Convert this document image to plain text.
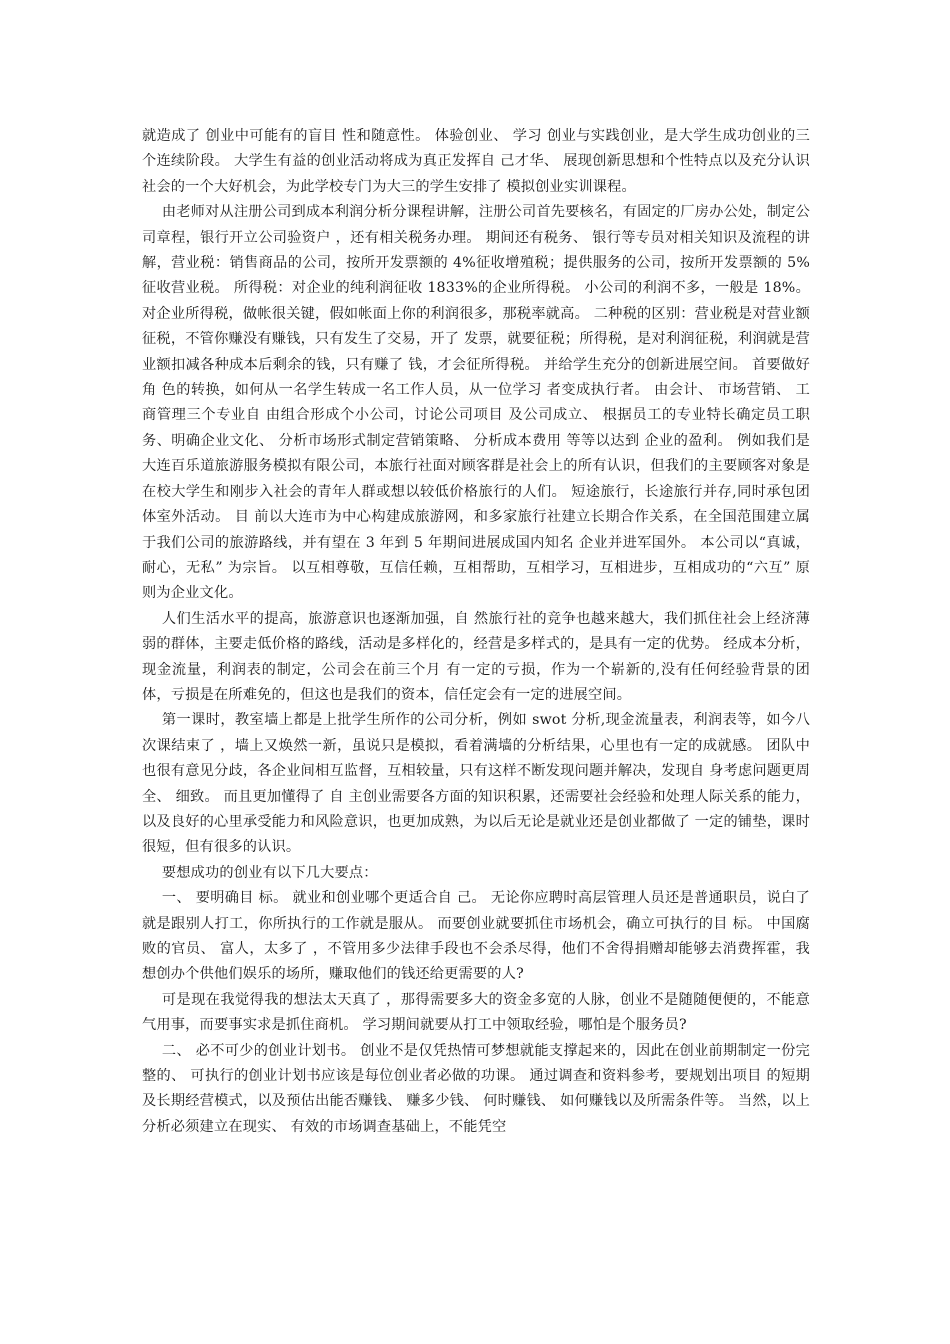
就造成了 创业中可能有的盲目 性和随意性。 体验创业、 学习 创业与实践创业，是大学生成功创业的三个连续阶段。 大学生有益的创业活动将成为真正发挥自 己才华、 展现创新思想和个性特点以及充分认识社会的一个大好机会，为此学校专门为大三的学生安排了 模拟创业实训课程。

由老师对从注册公司到成本利润分析分课程讲解，注册公司首先要核名，有固定的厂房办公处，制定公司章程，银行开立公司验资户 ，还有相关税务办理。 期间还有税务、 银行等专员对相关知识及流程的讲解，营业税：销售商品的公司，按所开发票额的 4%征收增殖税；提供服务的公司，按所开发票额的 5%征收营业税。 所得税：对企业的纯利润征收 1833%的企业所得税。 小公司的利润不多，一般是 18%。 对企业所得税，做帐很关键，假如帐面上你的利润很多，那税率就高。 二种税的区别：营业税是对营业额征税，不管你赚没有赚钱，只有发生了交易，开了 发票，就要征税；所得税，是对利润征税，利润就是营业额扣减各种成本后剩余的钱，只有赚了 钱，才会征所得税。 并给学生充分的创新进展空间。 首要做好角 色的转换，如何从一名学生转成一名工作人员，从一位学习 者变成执行者。 由会计、 市场营销、 工商管理三个专业自 由组合形成个小公司，讨论公司项目 及公司成立、 根据员工的专业特长确定员工职务、明确企业文化、 分析市场形式制定营销策略、 分析成本费用 等等以达到 企业的盈利。 例如我们是大连百乐道旅游服务模拟有限公司，本旅行社面对顾客群是社会上的所有认识，但我们的主要顾客对象是在校大学生和刚步入社会的青年人群或想以较低价格旅行的人们。 短途旅行，长途旅行并存,同时承包团体室外活动。 目 前以大连市为中心构建成旅游网，和多家旅行社建立长期合作关系，在全国范围建立属于我们公司的旅游路线，并有望在 3 年到 5 年期间进展成国内知名 企业并进军国外。 本公司以“真诚，耐心，无私” 为宗旨。 以互相尊敬，互信任赖，互相帮助，互相学习，互相进步，互相成功的“六互” 原则为企业文化。

人们生活水平的提高，旅游意识也逐渐加强，自 然旅行社的竞争也越来越大，我们抓住社会上经济薄弱的群体，主要走低价格的路线，活动是多样化的，经营是多样式的，是具有一定的优势。 经成本分析，现金流量，利润表的制定，公司会在前三个月 有一定的亏损，作为一个崭新的,没有任何经验背景的团体，亏损是在所难免的，但这也是我们的资本，信任定会有一定的进展空间。

第一课时，教室墙上都是上批学生所作的公司分析，例如 swot 分析,现金流量表，利润表等，如今八次课结束了 ，墙上又焕然一新，虽说只是模拟，看着满墙的分析结果，心里也有一定的成就感。 团队中也很有意见分歧，各企业间相互监督，互相较量，只有这样不断发现问题并解决，发现自 身考虑问题更周全、 细致。 而且更加懂得了 自 主创业需要各方面的知识积累，还需要社会经验和处理人际关系的能力，以及良好的心里承受能力和风险意识，也更加成熟，为以后无论是就业还是创业都做了 一定的铺垫，课时很短，但有很多的认识。

要想成功的创业有以下几大要点：

一、 要明确目 标。 就业和创业哪个更适合自 己。 无论你应聘时高层管理人员还是普通职员，说白了 就是跟别人打工，你所执行的工作就是服从。 而要创业就要抓住市场机会，确立可执行的目 标。 中国腐败的官员、 富人，太多了 ，不管用多少法律手段也不会杀尽得，他们不舍得捐赠却能够去消费挥霍，我想创办个供他们娱乐的场所，赚取他们的钱还给更需要的人?

可是现在我觉得我的想法太天真了 ，那得需要多大的资金多宽的人脉，创业不是随随便便的，不能意气用事，而要事实求是抓住商机。 学习期间就要从打工中领取经验，哪怕是个服务员?

二、 必不可少的创业计划书。 创业不是仅凭热情可梦想就能支撑起来的，因此在创业前期制定一份完整的、 可执行的创业计划书应该是每位创业者必做的功课。 通过调查和资料参考，要规划出项目 的短期及长期经营模式，以及预估出能否赚钱、 赚多少钱、 何时赚钱、 如何赚钱以及所需条件等。 当然，以上分析必须建立在现实、 有效的市场调查基础上，不能凭空
